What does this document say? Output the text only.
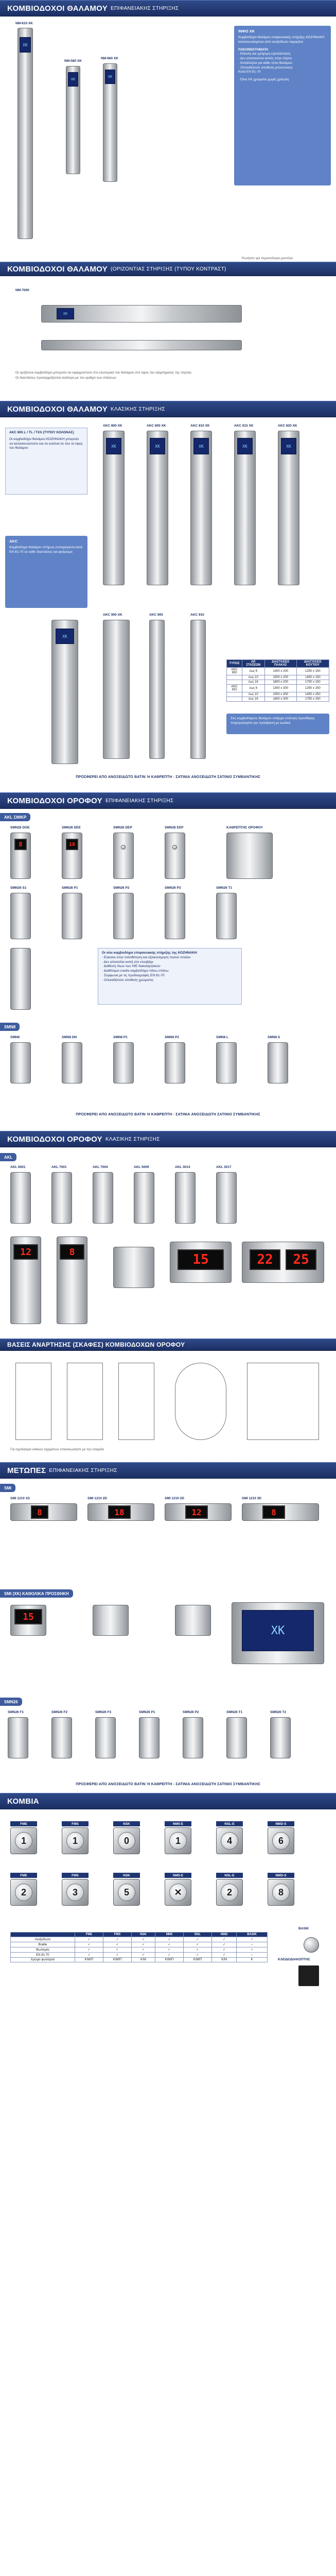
ΚΟΜΒΙΟΔΟΧΟΙ ΘΑΛΑΜΟΥ ΕΠΙΦΑΝΕΙΑΚΗΣ ΣΤΗΡΙΞΗΣ
NM-610 XK
XK
NM-580 XK
XK
NM-660 XK
XK
ΙΝΦΟ ΧΚ
Κομβιοδόχοι θαλάμου επιφανειακής στήριξης ΚΟΖΗΝΑΚΗ
κατασκευασμένοι από ανοξείδωτο λαμαρίνα
ΠΛΕΟΝΕΚΤΗΜΑΤΑ
· Εύκολη και γρήγορη εγκατάσταση
· Δεν απαιτούνται κοπές στην πόρτα
· Κατάλληλοι για κάθε τύπο θαλάμου
· Οποιαδήποτε σύνθεση μπουτονιών
Κατά EN 81-70
· Όλοι ΧΚ χρώματα χωρίς χρέωση
Ρωτήστε για περισσότερα μοντέλα
ΚΟΜΒΙΟΔΟΧΟΙ ΘΑΛΑΜΟΥ (ΟΡΙΖΟΝΤΙΑΣ ΣΤΗΡΙΞΗΣ (ΤΥΠΟΥ ΚΟΝΤΡΑΣΤ)
NM-7000
XK
Οι οριζόντιοι κομβιοδόχοι μπορούν να εφαρμοστούν στο εσωτερικό του θαλάμου στο ύψος του εξαρτήματος της πόρτας
Οι διαστάσεις προσαρμόζονται ανάλογα με τον αριθμό των στάσεων
ΚΟΜΒΙΟΔΟΧΟΙ ΘΑΛΑΜΟΥ ΚΛΑΣΙΚΗΣ ΣΤΗΡΙΞΗΣ
AKC 805 L / TL / TXX (ΤΥΠΟΥ ΚΟΛΟΝΑΣ)
Οι κομβιοδόχοι θαλάμου ΚΟΖΗΝΑΚΗ μπορούν να κατασκευαστούν και σε κολόνα σε όλο το ύψος του θαλάμου
AKC
Κομβιοδόχοι θαλάμου πλήρως εντοιχισμένοι κατά EN 81-70 σε κάθε διαστάσεις και φινίρισμα
AKC 800 XK	AKC 805 XK	AKC 810 XK	AKC 815 XK	AKC 820 XK
XK	XK	XK	XK	XK
AKC 900 XK	AKC 905	AKC 910
XK
ΤΥΠΟΣ	ΑΡ. ΣΤΑΣΕΩΝ	ΔΙΑΣΤΑΣΕΙΣ ΠΛΑΚΑΣ	ΔΙΑΣΤΑΣΕΙΣ ΚΟΥΤΙΟΥ
AKC 900	έως 6	1300 x 200	1250 x 150
	έως 10	1500 x 200	1450 x 150
	έως 16	1800 x 200	1750 x 150
AKC 910	έως 6	1300 x 300	1250 x 250
	έως 10	1500 x 300	1450 x 250
	έως 16	1800 x 300	1750 x 250
Στις κομβιοδόχους θαλάμου υπάρχει επιλογή προσθήκης πληκτρολογίου για πρόσβαση με κωδικό
ΠΡΟΣΦΕΡΕΙ ΑΠΟ ΑΝΟΞΕΙΔΩΤΟ ΒΑΤΙΝ Ή ΚΑΘΡΕΠΤΗ - ΣΑΤΙΝΙΑ ΑΝΟΞΕΙΔΩΤΗ ΣΑΤΙΝΙΟ ΣΥΜΒΑΝΤΙΚΗΣ
ΚΟΜΒΙΟΔΟΧΟΙ ΟΡΟΦΟΥ ΕΠΙΦΑΝΕΙΑΚΗΣ ΣΤΗΡΙΞΗΣ
AKL ΣΜΙΚΡ
SMN26 DOE	SMN26 DEE	SMN26 DEP	SMN26 EEP	ΚΑΘΡΕΠΤΗΣ ΟΡΟΦΟΥ
8	18
SMN26 S1	SMN26 P1	SMN26 P2	SMN26 P3	SMN26 T1
Οι νέοι κομβιοδόχοι επιφανειακής στήριξης της ΚΟΖΗΝΑΚΗ
· Εύκολοι στην τοποθέτηση και εξοικονόμηση ποσού τελείου
· Δεν απαιτείται κοπή στο ντουβάρι
· Διάθεση όλων των Η/Ε διακοσμητικών
· Διαθέσιμοι ενιαίοι κομβιοδόχοι πάνω επάνω
· Σύμφωνα με τις προδιαγραφές EN 81-70
· Οποιαδήποτε σύνθεση χρώματος
SMN8
SMN8	SMN8 DN	SMN8 P1	SMN8 P2	SMN8 L	SMN8 S
ΠΡΟΣΦΕΡΕΙ ΑΠΟ ΑΝΟΞΕΙΔΩΤΟ ΒΑΤΙΝ Ή ΚΑΘΡΕΠΤΗ - ΣΑΤΙΝΙΑ ΑΝΟΞΕΙΔΩΤΗ ΣΑΤΙΝΙΟ ΣΥΜΒΑΝΤΙΚΗΣ
ΚΟΜΒΙΟΔΟΧΟΙ ΟΡΟΦΟΥ ΚΛΑΣΙΚΗΣ ΣΤΗΡΙΞΗΣ
AKL
AKL 6001	AKL 7001	AKL 7004	AKL 5009	AKL 3014	AKL 3017
12	8	15	22	25
ΒΑΣΕΙΣ ΑΝΑΡΤΗΣΗΣ (ΣΚΑΦΕΣ) ΚΟΜΒΙΟΔΟΧΩΝ ΟΡΟΦΟΥ
Για σχεδιασμό ειδικών σχημάτων επικοινωνήστε με την εταιρεία
ΜΕΤΩΠΕΣ ΕΠΙΦΑΝΕΙΑΚΗΣ ΣΤΗΡΙΞΗΣ
SMI
SMI 1210 1D	SMI 1210 2D	SMI 1210 2D	SMI 1210 3D
8	18	12	8
SMI (ΧΚ) ΚΑΘΟΛΙΚΑ ΠΡΟΣΘΗΚΗ
15
XK
SMN26
SMN26 F1	SMN26 F2	SMN26 F3	SMN26 P1	SMN26 P2	SMN26 T1	SMN26 T2
ΠΡΟΣΦΕΡΕΙ ΑΠΟ ΑΝΟΞΕΙΔΩΤΟ ΒΑΤΙΝ Ή ΚΑΘΡΕΠΤΗ - ΣΑΤΙΝΙΑ ΑΝΟΞΕΙΔΩΤΗ ΣΑΤΙΝΙΟ ΣΥΜΒΑΝΤΙΚΗΣ
ΚΟΜΒΙΑ
FME
1
FMS
1
NSK
0
NM5-E
1
NSL-E
4
NMD-S
6
FME
2
FMS
3
NSK
5
NM5-E
✕
NSL-E
2
NMD-S
8
BASIK
ΚΛΕΙΔΟΔΙΑΚΟΠΤΗΣ
	FME	FMS	NSK	NM5	NSL	NMD	BASIK
Ανοξείδωτο	✓	✓	✓	✓	✓	✓	✓
Braille	✓	✓	✓	✓	✓	✓	–
Φωτισμός	✓	✓	✓	✓	✓	✓	✓
EN 81-70	✓	✓	✓	✓	✓	✓	–
Χρώμα φωτισμού	K/M/Π	K/M/Π	K/M	K/M/Π	K/M/Π	K/M	K
